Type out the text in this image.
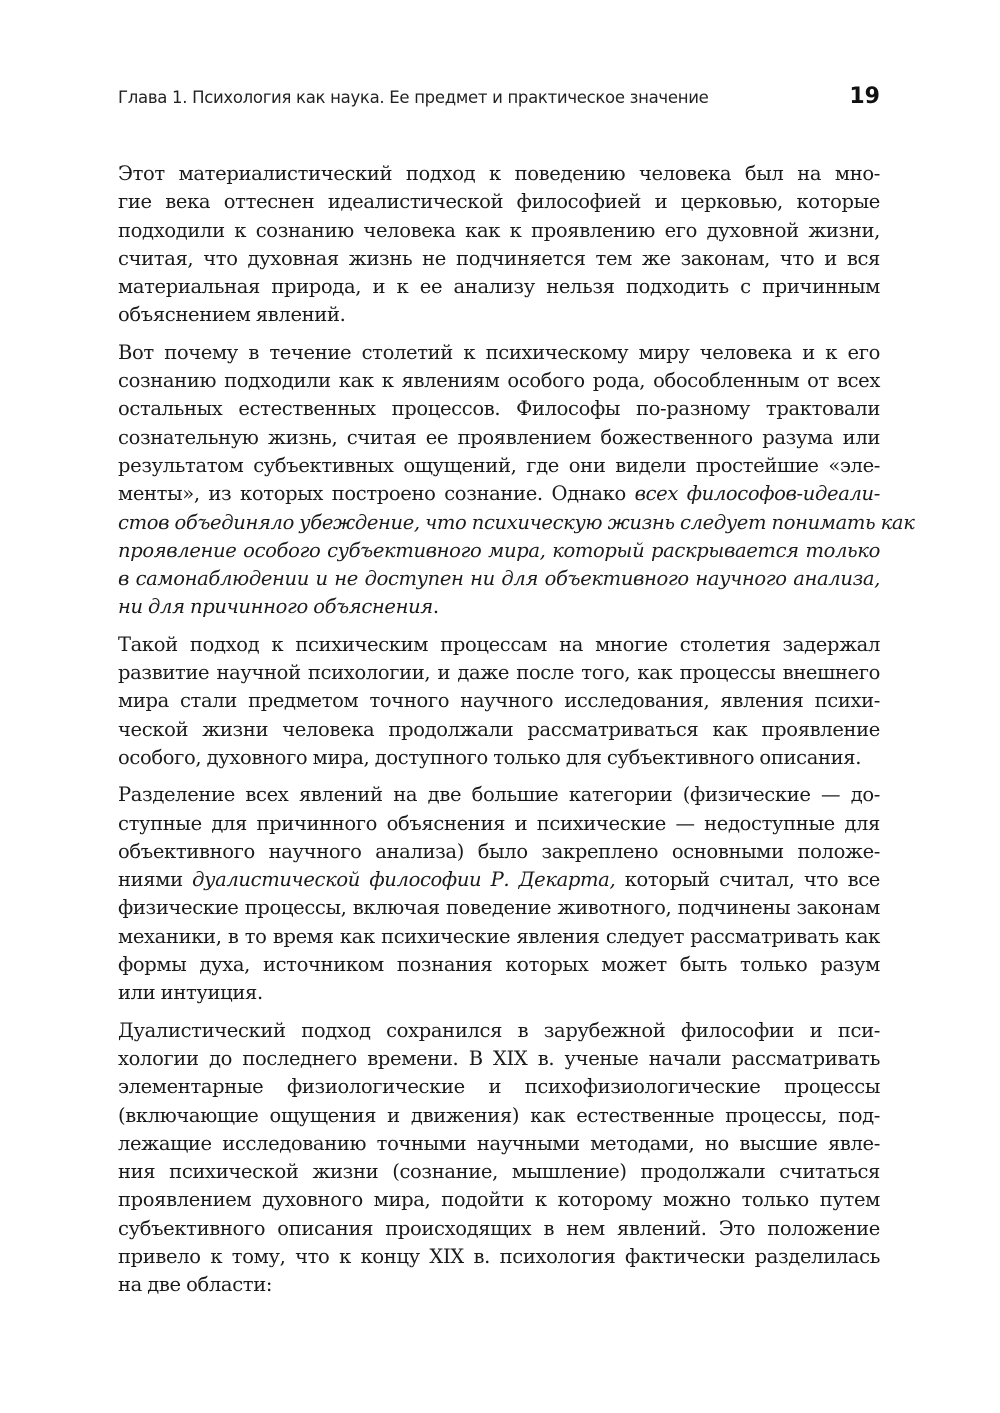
Глава 1. Психология как наука. Ее предмет и практическое значение	19

Этот материалистический подход к поведению человека был на мно-
гие века оттеснен идеалистической философией и церковью, которые
подходили к сознанию человека как к проявлению его духовной жизни,
считая, что духовная жизнь не подчиняется тем же законам, что и вся
материальная природа, и к ее анализу нельзя подходить с причинным
объяснением явлений.

Вот почему в течение столетий к психическому миру человека и к его
сознанию подходили как к явлениям особого рода, обособленным от всех
остальных естественных процессов. Философы по-разному трактовали
сознательную жизнь, считая ее проявлением божественного разума или
результатом субъективных ощущений, где они видели простейшие «эле-
менты», из которых построено сознание. Однако всех философов-идеали-
стов объединяло убеждение, что психическую жизнь следует понимать как
проявление особого субъективного мира, который раскрывается только
в самонаблюдении и не доступен ни для объективного научного анализа,
ни для причинного объяснения.

Такой подход к психическим процессам на многие столетия задержал
развитие научной психологии, и даже после того, как процессы внешнего
мира стали предметом точного научного исследования, явления психи-
ческой жизни человека продолжали рассматриваться как проявление
особого, духовного мира, доступного только для субъективного описания.

Разделение всех явлений на две большие категории (физические — до-
ступные для причинного объяснения и психические — недоступные для
объективного научного анализа) было закреплено основными положе-
ниями дуалистической философии Р. Декарта, который считал, что все
физические процессы, включая поведение животного, подчинены законам
механики, в то время как психические явления следует рассматривать как
формы духа, источником познания которых может быть только разум
или интуиция.

Дуалистический подход сохранился в зарубежной философии и пси-
хологии до последнего времени. В XIX в. ученые начали рассматривать
элементарные физиологические и психофизиологические процессы
(включающие ощущения и движения) как естественные процессы, под-
лежащие исследованию точными научными методами, но высшие явле-
ния психической жизни (сознание, мышление) продолжали считаться
проявлением духовного мира, подойти к которому можно только путем
субъективного описания происходящих в нем явлений. Это положение
привело к тому, что к концу XIX в. психология фактически разделилась
на две области:
